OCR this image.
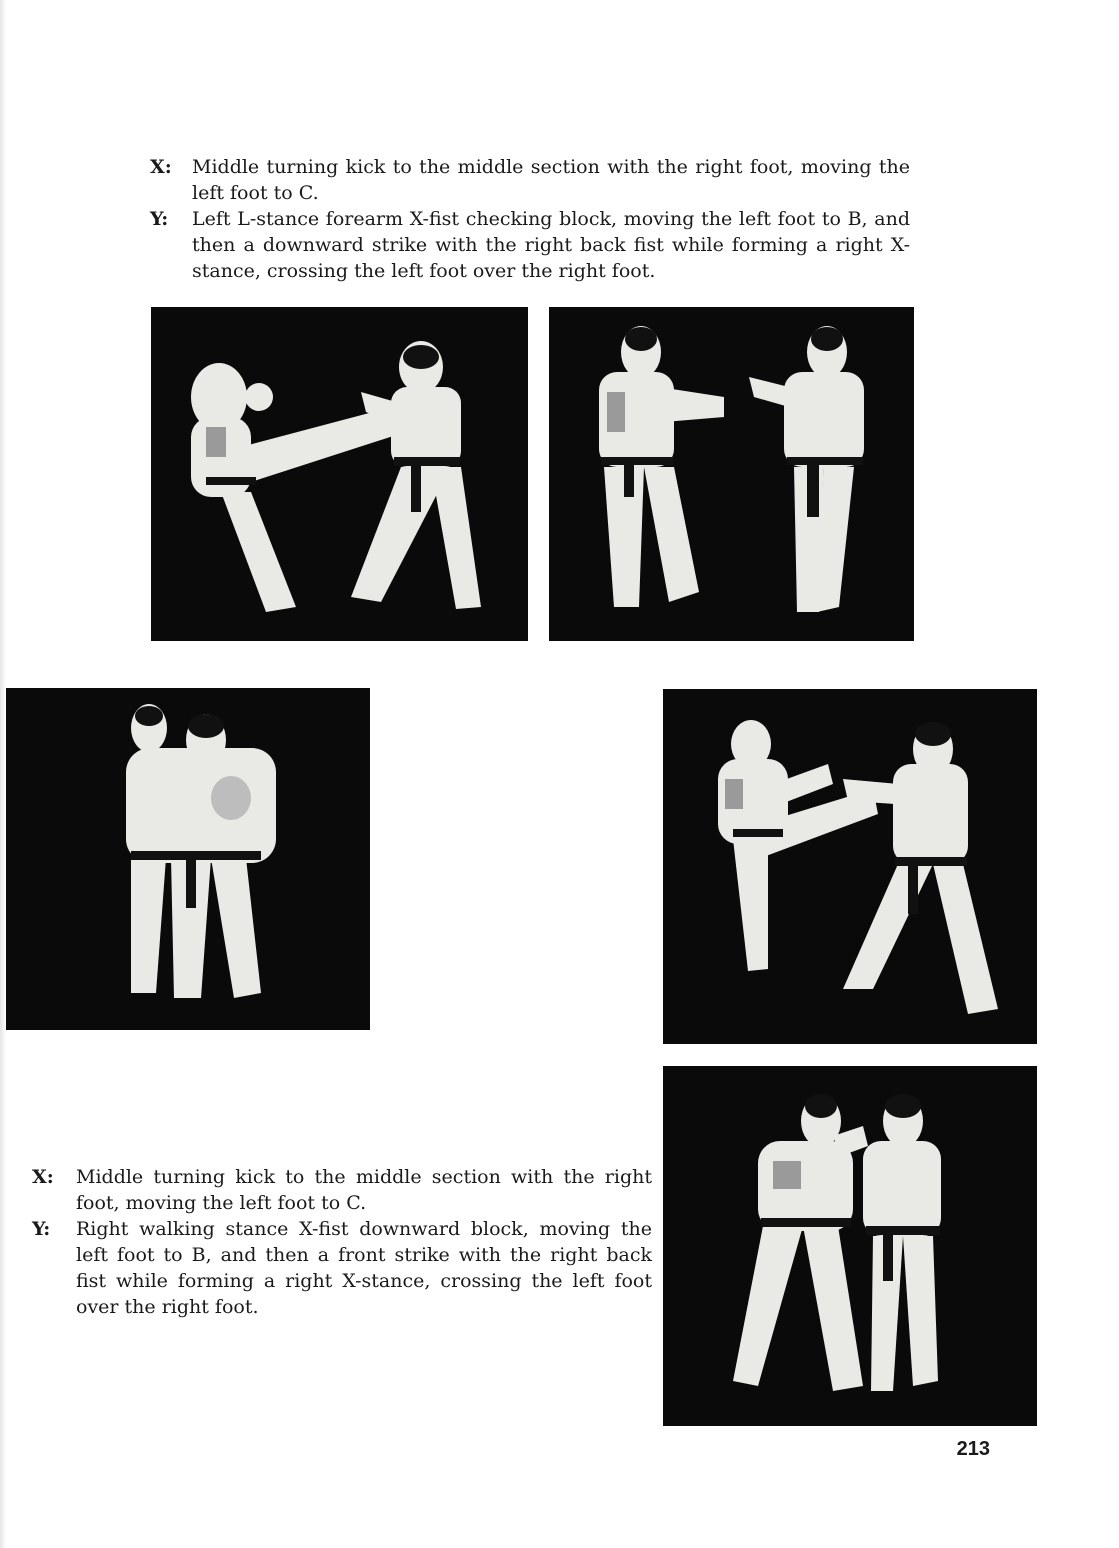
X:	Middle turning kick to the middle section with the right foot, moving the left foot to C.
Y:	Left L-stance forearm X-fist checking block, moving the left foot to B, and then a downward strike with the right back fist while forming a right X-stance, crossing the left foot over the right foot.
X:	Middle turning kick to the middle section with the right foot, moving the left foot to C.
Y:	Right walking stance X-fist downward block, moving the left foot to B, and then a front strike with the right back fist while forming a right X-stance, crossing the left foot over the right foot.
213
